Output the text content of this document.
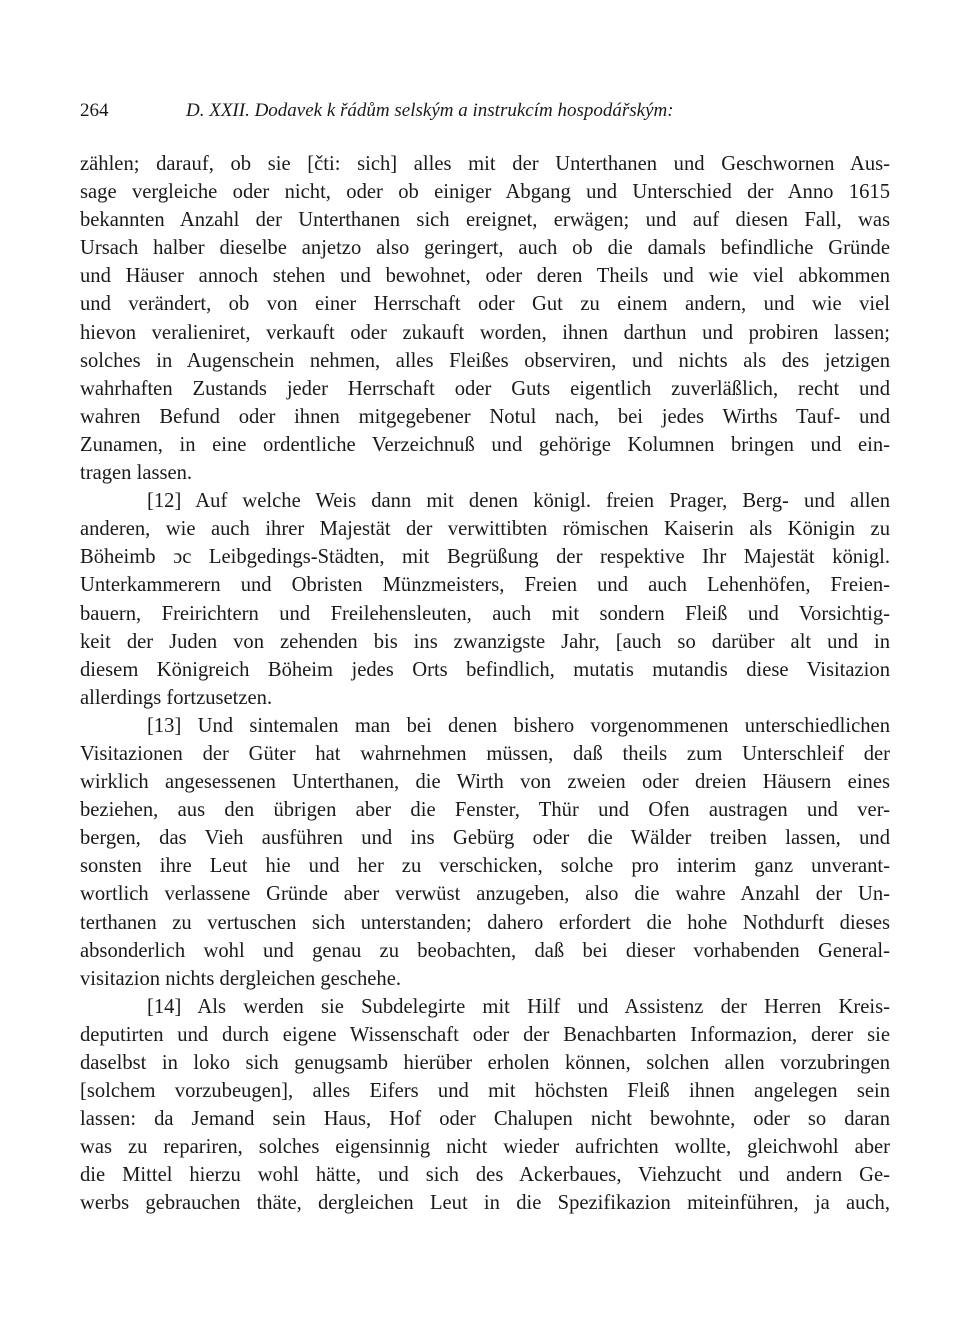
264	D. XXII. Dodavek k řádům selským a instrukcím hospodářským:
zählen; darauf, ob sie [čti: sich] alles mit der Unterthanen und Geschwornen Aus-
sage vergleiche oder nicht, oder ob einiger Abgang und Unterschied der Anno 1615
bekannten Anzahl der Unterthanen sich ereignet, erwägen; und auf diesen Fall, was
Ursach halber dieselbe anjetzo also geringert, auch ob die damals befindliche Gründe
und Häuser annoch stehen und bewohnet, oder deren Theils und wie viel abkommen
und verändert, ob von einer Herrschaft oder Gut zu einem andern, und wie viel
hievon veralieniret, verkauft oder zukauft worden, ihnen darthun und probiren lassen;
solches in Augenschein nehmen, alles Fleißes observiren, und nichts als des jetzigen
wahrhaften Zustands jeder Herrschaft oder Guts eigentlich zuverläßlich, recht und
wahren Befund oder ihnen mitgegebener Notul nach, bei jedes Wirths Tauf- und
Zunamen, in eine ordentliche Verzeichnuß und gehörige Kolumnen bringen und ein-
tragen lassen.
[12] Auf welche Weis dann mit denen königl. freien Prager, Berg- und allen
anderen, wie auch ihrer Majestät der verwittibten römischen Kaiserin als Königin zu
Böheimb ɔc Leibgedings-Städten, mit Begrüßung der respektive Ihr Majestät königl.
Unterkammerern und Obristen Münzmeisters, Freien und auch Lehenhöfen, Freien-
bauern, Freirichtern und Freilehensleuten, auch mit sondern Fleiß und Vorsichtig-
keit der Juden von zehenden bis ins zwanzigste Jahr, [auch so darüber alt und in
diesem Königreich Böheim jedes Orts befindlich, mutatis mutandis diese Visitazion
allerdings fortzusetzen.
[13] Und sintemalen man bei denen bishero vorgenommenen unterschiedlichen
Visitazionen der Güter hat wahrnehmen müssen, daß theils zum Unterschleif der
wirklich angesessenen Unterthanen, die Wirth von zweien oder dreien Häusern eines
beziehen, aus den übrigen aber die Fenster, Thür und Ofen austragen und ver-
bergen, das Vieh ausführen und ins Gebürg oder die Wälder treiben lassen, und
sonsten ihre Leut hie und her zu verschicken, solche pro interim ganz unverant-
wortlich verlassene Gründe aber verwüst anzugeben, also die wahre Anzahl der Un-
terthanen zu vertuschen sich unterstanden; dahero erfordert die hohe Nothdurft dieses
absonderlich wohl und genau zu beobachten, daß bei dieser vorhabenden General-
visitazion nichts dergleichen geschehe.
[14] Als werden sie Subdelegirte mit Hilf und Assistenz der Herren Kreis-
deputirten und durch eigene Wissenschaft oder der Benachbarten Informazion, derer sie
daselbst in loko sich genugsamb hierüber erholen können, solchen allen vorzubringen
[solchem vorzubeugen], alles Eifers und mit höchsten Fleiß ihnen angelegen sein
lassen: da Jemand sein Haus, Hof oder Chalupen nicht bewohnte, oder so daran
was zu repariren, solches eigensinnig nicht wieder aufrichten wollte, gleichwohl aber
die Mittel hierzu wohl hätte, und sich des Ackerbaues, Viehzucht und andern Ge-
werbs gebrauchen thäte, dergleichen Leut in die Spezifikazion miteinführen, ja auch,
